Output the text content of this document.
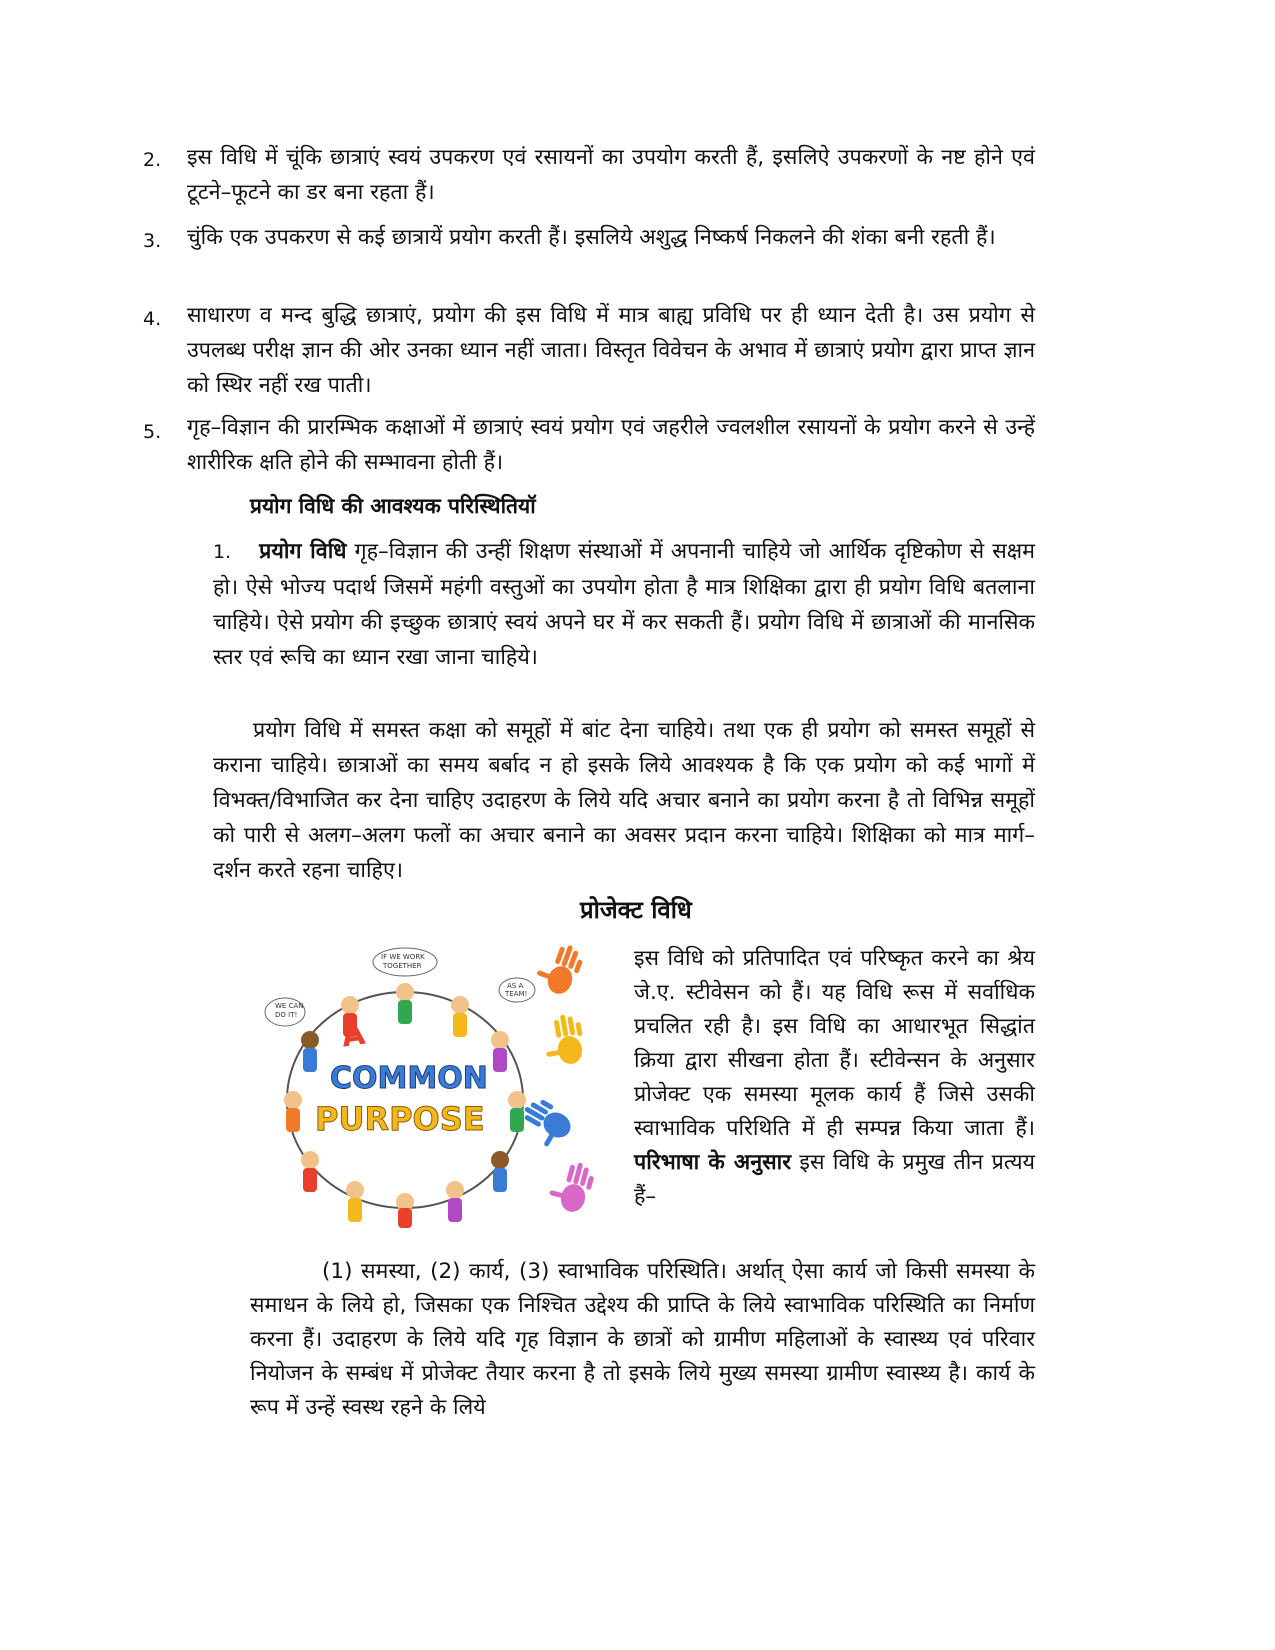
2. इस विधि में चूंकि छात्राएं स्वयं उपकरण एवं रसायनों का उपयोग करती हैं, इसलिऐ उपकरणों के नष्ट होने एवं टूटने–फूटने का डर बना रहता हैं।
3. चुंकि एक उपकरण से कई छात्रायें प्रयोग करती हैं। इसलिये अशुद्ध निष्कर्ष निकलने की शंका बनी रहती हैं।
4. साधारण व मन्द बुद्धि छात्राएं, प्रयोग की इस विधि में मात्र बाह्य प्रविधि पर ही ध्यान देती है। उस प्रयोग से उपलब्ध परीक्ष ज्ञान की ओर उनका ध्यान नहीं जाता। विस्तृत विवेचन के अभाव में छात्राएं प्रयोग द्वारा प्राप्त ज्ञान को स्थिर नहीं रख पाती।
5. गृह–विज्ञान की प्रारम्भिक कक्षाओं में छात्राएं स्वयं प्रयोग एवं जहरीले ज्वलशील रसायनों के प्रयोग करने से उन्हें शारीरिक क्षति होने की सम्भावना होती हैं।
प्रयोग विधि की आवश्यक परिस्थितियॉ
1. प्रयोग विधि गृह–विज्ञान की उन्हीं शिक्षण संस्थाओं में अपनानी चाहिये जो आर्थिक दृष्टिकोण से सक्षम हो। ऐसे भोज्य पदार्थ जिसमें महंगी वस्तुओं का उपयोग होता है मात्र शिक्षिका द्वारा ही प्रयोग विधि बतलाना चाहिये। ऐसे प्रयोग की इच्छुक छात्राएं स्वयं अपने घर में कर सकती हैं। प्रयोग विधि में छात्राओं की मानसिक स्तर एवं रूचि का ध्यान रखा जाना चाहिये।
प्रयोग विधि में समस्त कक्षा को समूहों में बांट देना चाहिये। तथा एक ही प्रयोग को समस्त समूहों से कराना चाहिये। छात्राओं का समय बर्बाद न हो इसके लिये आवश्यक है कि एक प्रयोग को कई भागों में विभक्त/विभाजित कर देना चाहिए उदाहरण के लिये यदि अचार बनाने का प्रयोग करना है तो विभिन्न समूहों को पारी से अलग–अलग फलों का अचार बनाने का अवसर प्रदान करना चाहिये। शिक्षिका को मात्र मार्ग–दर्शन करते रहना चाहिए।
प्रोजेक्ट विधि
WE CAN
DO IT!
IF WE WORK
TOGETHER
AS A
TEAM!
A
COMMON
PURPOSE
इस विधि को प्रतिपादित एवं परिष्कृत करने का श्रेय जे.ए. स्टीवेसन को हैं। यह विधि रूस में सर्वाधिक प्रचलित रही है। इस विधि का आधारभूत सिद्धांत क्रिया द्वारा सीखना होता हैं। स्टीवेन्सन के अनुसार प्रोजेक्ट एक समस्या मूलक कार्य हैं जिसे उसकी स्वाभाविक परिथिति में ही सम्पन्न किया जाता हैं। परिभाषा के अनुसार इस विधि के प्रमुख तीन प्रत्यय हैं–
(1) समस्या, (2) कार्य, (3) स्वाभाविक परिस्थिति। अर्थात् ऐसा कार्य जो किसी समस्या के समाधन के लिये हो, जिसका एक निश्चित उद्देश्य की प्राप्ति के लिये स्वाभाविक परिस्थिति का निर्माण करना हैं। उदाहरण के लिये यदि गृह विज्ञान के छात्रों को ग्रामीण महिलाओं के स्वास्थ्य एवं परिवार नियोजन के सम्बंध में प्रोजेक्ट तैयार करना है तो इसके लिये मुख्य समस्या ग्रामीण स्वास्थ्य है। कार्य के रूप में उन्हें स्वस्थ रहने के लिये
